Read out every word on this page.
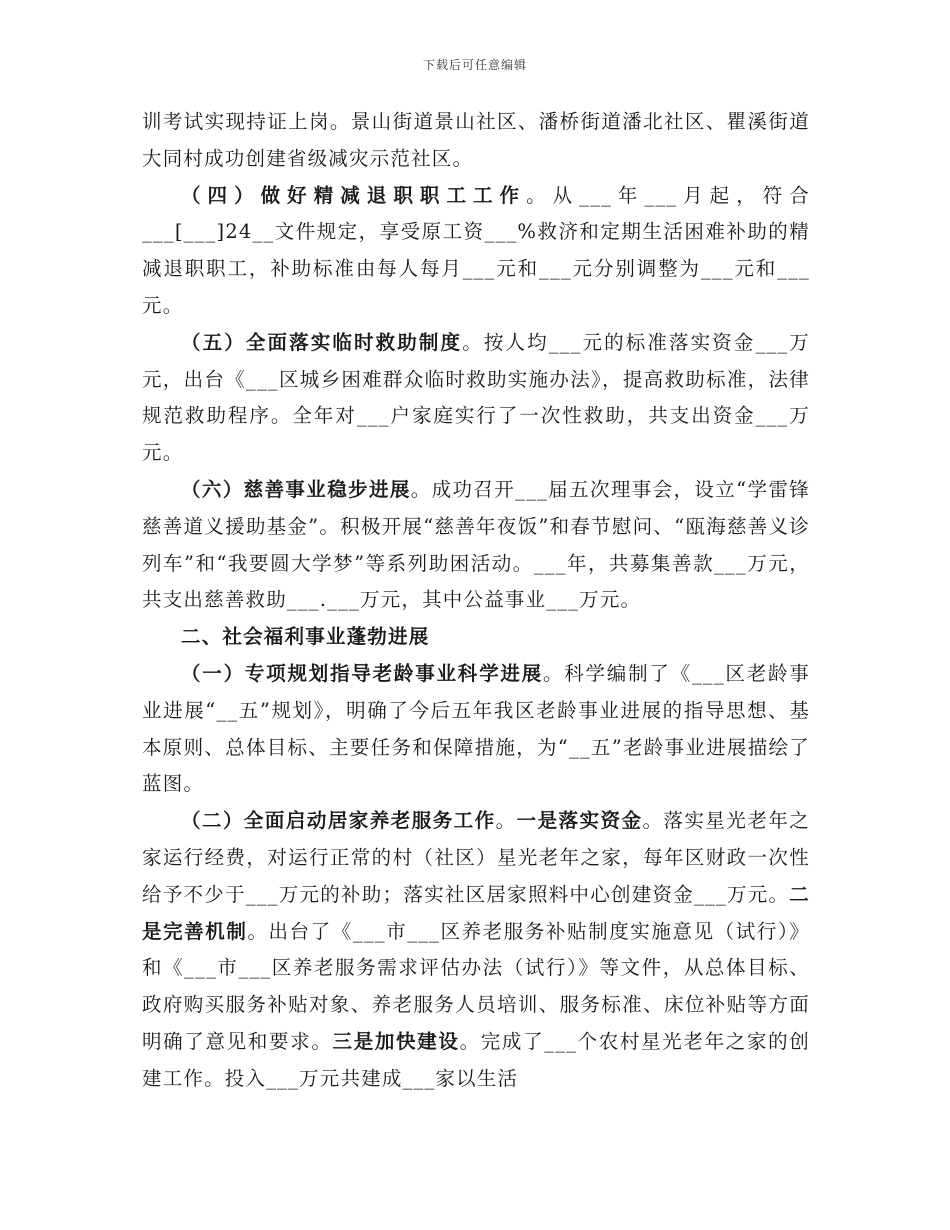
下载后可任意编辑

训考试实现持证上岗。景山街道景山社区、潘桥街道潘北社区、瞿溪街道大同村成功创建省级减灾示范社区。

（四）做好精减退职职工工作。从___年___月起，符合___[___]24__文件规定，享受原工资___%救济和定期生活困难补助的精减退职职工，补助标准由每人每月___元和___元分别调整为___元和___元。

（五）全面落实临时救助制度。按人均___元的标准落实资金___万元，出台《___区城乡困难群众临时救助实施办法》，提高救助标准，法律规范救助程序。全年对___户家庭实行了一次性救助，共支出资金___万元。

（六）慈善事业稳步进展。成功召开___届五次理事会，设立“学雷锋慈善道义援助基金”。积极开展“慈善年夜饭”和春节慰问、“瓯海慈善义诊列车”和“我要圆大学梦”等系列助困活动。___年，共募集善款___万元，共支出慈善救助___.___万元，其中公益事业___万元。

二、社会福利事业蓬勃进展

（一）专项规划指导老龄事业科学进展。科学编制了《___区老龄事业进展“__五”规划》，明确了今后五年我区老龄事业进展的指导思想、基本原则、总体目标、主要任务和保障措施，为“__五”老龄事业进展描绘了蓝图。

（二）全面启动居家养老服务工作。一是落实资金。落实星光老年之家运行经费，对运行正常的村（社区）星光老年之家，每年区财政一次性给予不少于___万元的补助；落实社区居家照料中心创建资金___万元。二是完善机制。出台了《___市___区养老服务补贴制度实施意见（试行）》和《___市___区养老服务需求评估办法（试行）》等文件，从总体目标、政府购买服务补贴对象、养老服务人员培训、服务标准、床位补贴等方面明确了意见和要求。三是加快建设。完成了___个农村星光老年之家的创建工作。投入___万元共建成___家以生活
